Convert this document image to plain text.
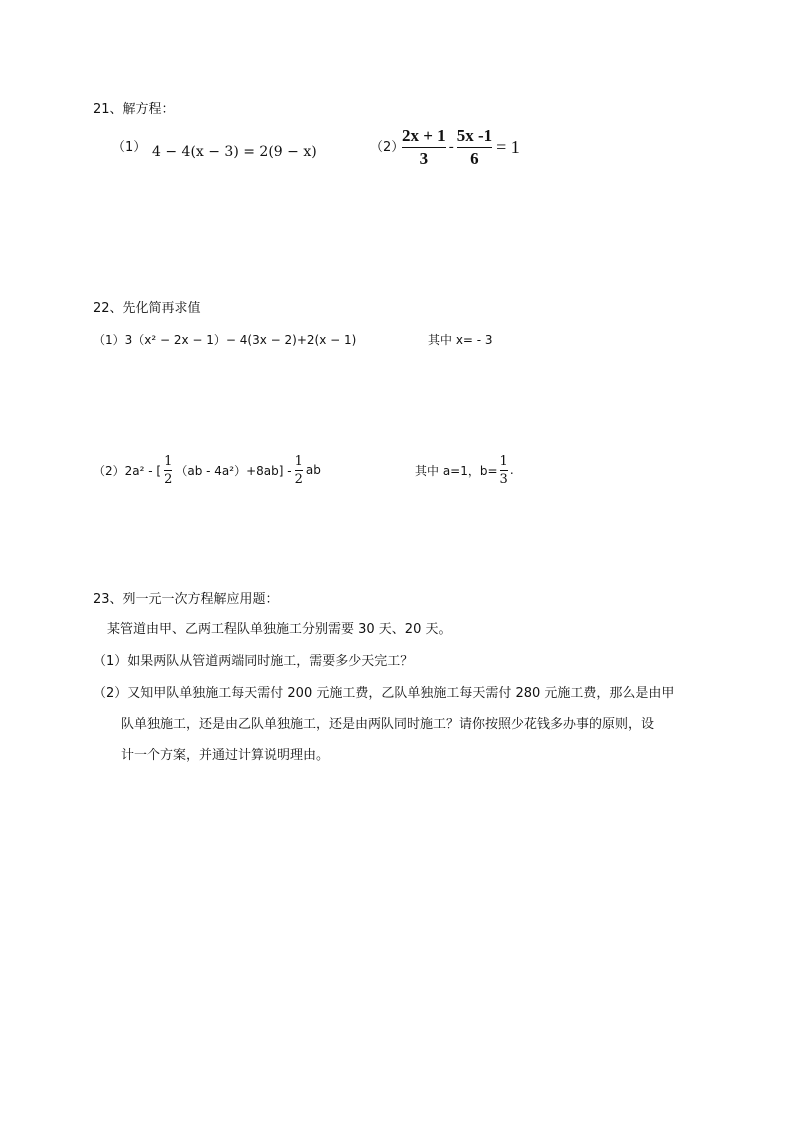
21、解方程：
（1） 4 − 4(x − 3) = 2(9 − x)	（2）
$\frac{2x + 1}{3} - \frac{5x -1}{6} = 1$
22、先化简再求值
（1）3（x² − 2x − 1）− 4(3x − 2)+2(x − 1)	其中 x= - 3
（2）2a² - [ $\frac{1}{2} (ab - 4a^2)+8ab] - \frac{1}{2}$ ab	其中 a=1，$b= \frac{1}{3}$ .
23、列一元一次方程解应用题：
某管道由甲、乙两工程队单独施工分别需要 30 天、20 天。
（1）如果两队从管道两端同时施工，需要多少天完工？
（2）又知甲队单独施工每天需付 200 元施工费，乙队单独施工每天需付 280 元施工费，那么是由甲
队单独施工，还是由乙队单独施工，还是由两队同时施工？请你按照少花钱多办事的原则，设
计一个方案，并通过计算说明理由。
